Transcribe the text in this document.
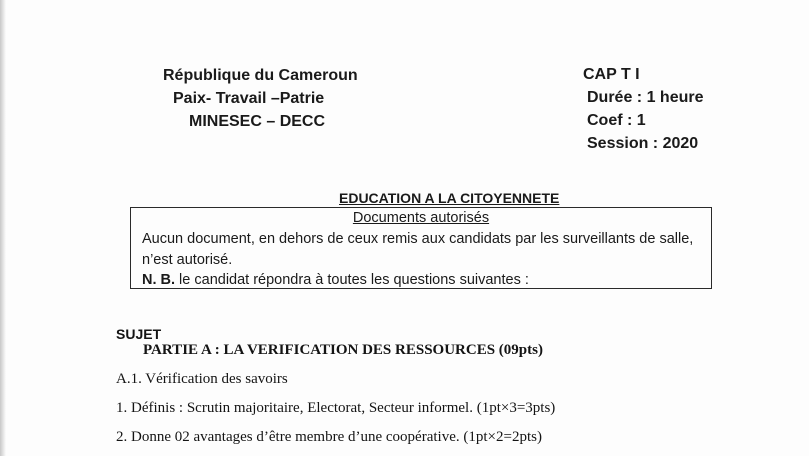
République du Cameroun
Paix- Travail –Patrie
MINESEC – DECC
CAP T I
Durée : 1 heure
Coef : 1
Session : 2020
EDUCATION A LA CITOYENNETE
Documents autorisés
Aucun document, en dehors de ceux remis aux candidats par les surveillants de salle,
n’est autorisé.
N. B. le candidat répondra à toutes les questions suivantes :
SUJET
PARTIE A : LA VERIFICATION DES RESSOURCES (09pts)
A.1. Vérification des savoirs
1. Définis : Scrutin majoritaire, Electorat, Secteur informel. (1pt×3=3pts)
2. Donne 02 avantages d’être membre d’une coopérative. (1pt×2=2pts)
